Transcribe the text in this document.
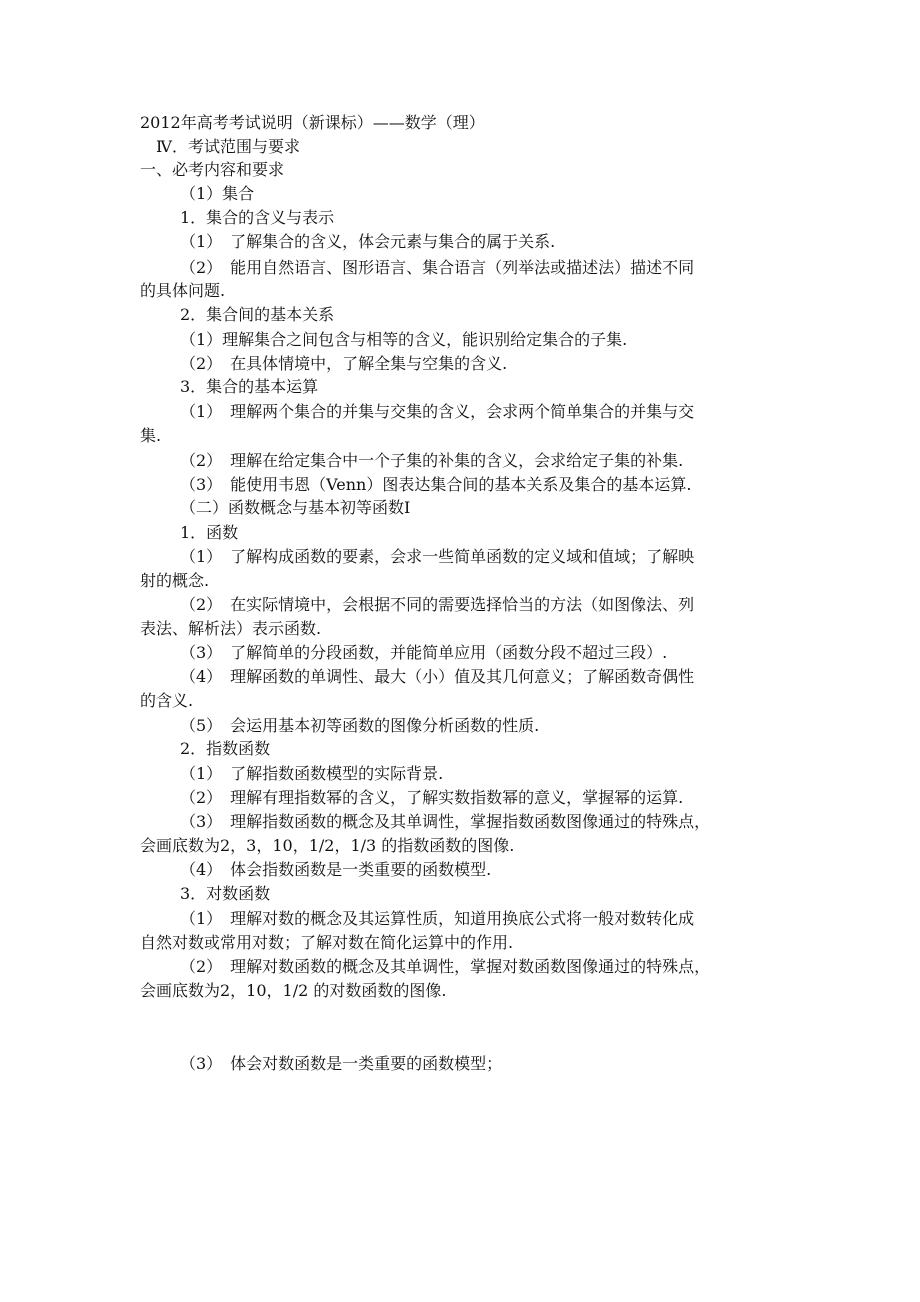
2012年高考考试说明（新课标）——数学（理）
Ⅳ．考试范围与要求
一、必考内容和要求
（1）集合
1．集合的含义与表示
（1）　了解集合的含义，体会元素与集合的属于关系.
（2）　能用自然语言、图形语言、集合语言（列举法或描述法）描述不同
的具体问题.
2．集合间的基本关系
（1）理解集合之间包含与相等的含义，能识别给定集合的子集.
（2）　在具体情境中，了解全集与空集的含义.
3．集合的基本运算
（1）　理解两个集合的并集与交集的含义，会求两个简单集合的并集与交
集.
（2）　理解在给定集合中一个子集的补集的含义，会求给定子集的补集.
（3）　能使用韦恩（Venn）图表达集合间的基本关系及集合的基本运算.
（二）函数概念与基本初等函数Ⅰ
1．函数
（1）　了解构成函数的要素，会求一些简单函数的定义域和值域；了解映
射的概念.
（2）　在实际情境中，会根据不同的需要选择恰当的方法（如图像法、列
表法、解析法）表示函数.
（3）　了解简单的分段函数，并能简单应用（函数分段不超过三段）.
（4）　理解函数的单调性、最大（小）值及其几何意义；了解函数奇偶性
的含义.
（5）　会运用基本初等函数的图像分析函数的性质.
2．指数函数
（1）　了解指数函数模型的实际背景.
（2）　理解有理指数幂的含义，了解实数指数幂的意义，掌握幂的运算.
（3）　理解指数函数的概念及其单调性，掌握指数函数图像通过的特殊点，
会画底数为2，3，10，1/2，1/3 的指数函数的图像.
（4）　体会指数函数是一类重要的函数模型.
3．对数函数
（1）　理解对数的概念及其运算性质，知道用换底公式将一般对数转化成
自然对数或常用对数；了解对数在简化运算中的作用.
（2）　理解对数函数的概念及其单调性，掌握对数函数图像通过的特殊点，
会画底数为2，10，1/2 的对数函数的图像.
（3）　体会对数函数是一类重要的函数模型；
